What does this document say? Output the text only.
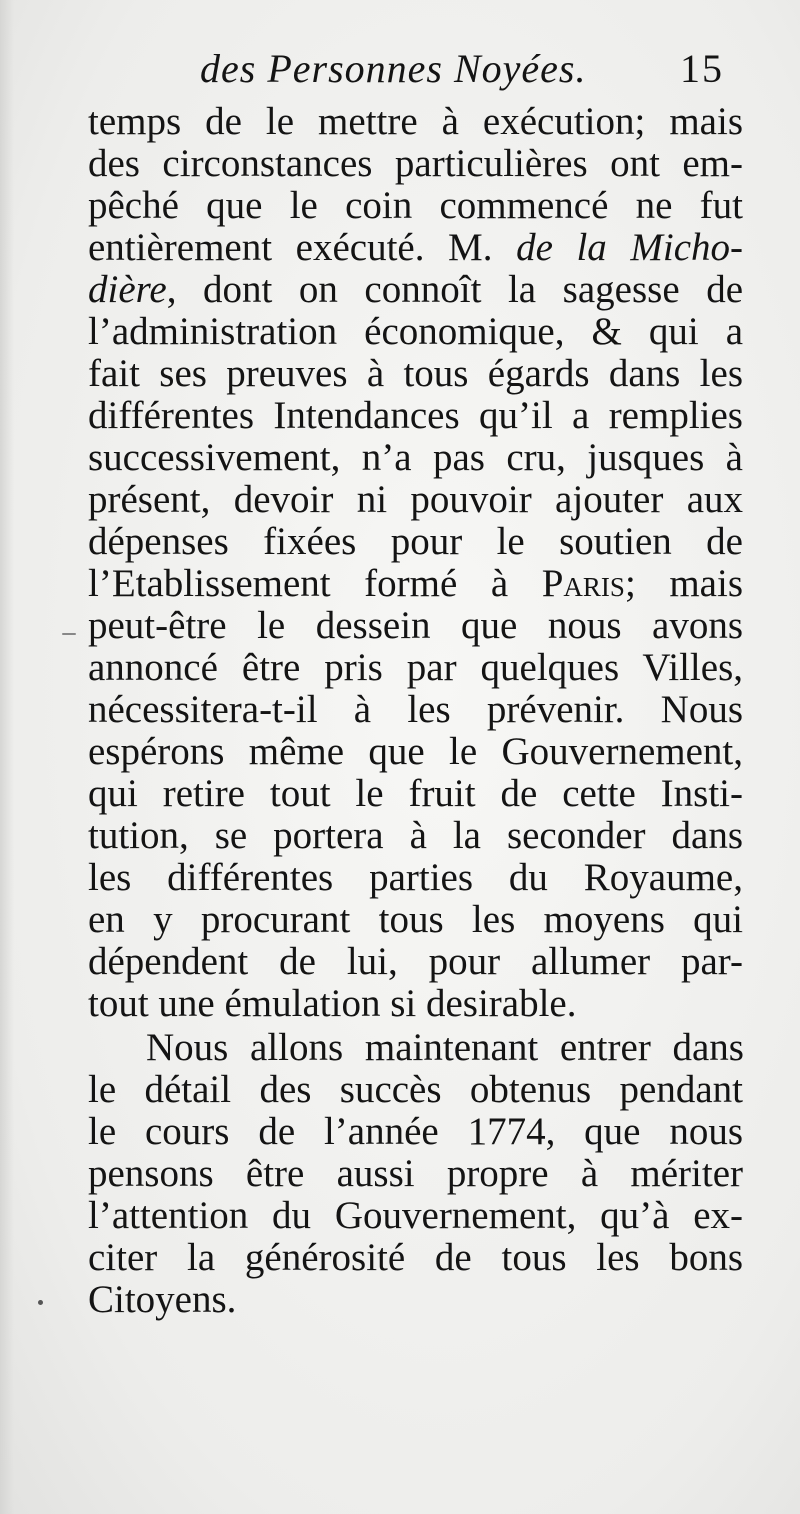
des Personnes Noyées. 15
temps de le mettre à exécution; mais
des circonstances particulières ont em-
pêché que le coin commencé ne fut
entièrement exécuté. M. de la Micho-
dière, dont on connoît la sagesse de
l’administration économique, & qui a
fait ses preuves à tous égards dans les
différentes Intendances qu’il a remplies
successivement, n’a pas cru, jusques à
présent, devoir ni pouvoir ajouter aux
dépenses fixées pour le soutien de
l’Etablissement formé à Paris; mais
peut-être le dessein que nous avons
annoncé être pris par quelques Villes,
nécessitera-t-il à les prévenir. Nous
espérons même que le Gouvernement,
qui retire tout le fruit de cette Insti-
tution, se portera à la seconder dans
les différentes parties du Royaume,
en y procurant tous les moyens qui
dépendent de lui, pour allumer par-
tout une émulation si desirable.
Nous allons maintenant entrer dans
le détail des succès obtenus pendant
le cours de l’année 1774, que nous
pensons être aussi propre à mériter
l’attention du Gouvernement, qu’à ex-
citer la générosité de tous les bons
Citoyens.
